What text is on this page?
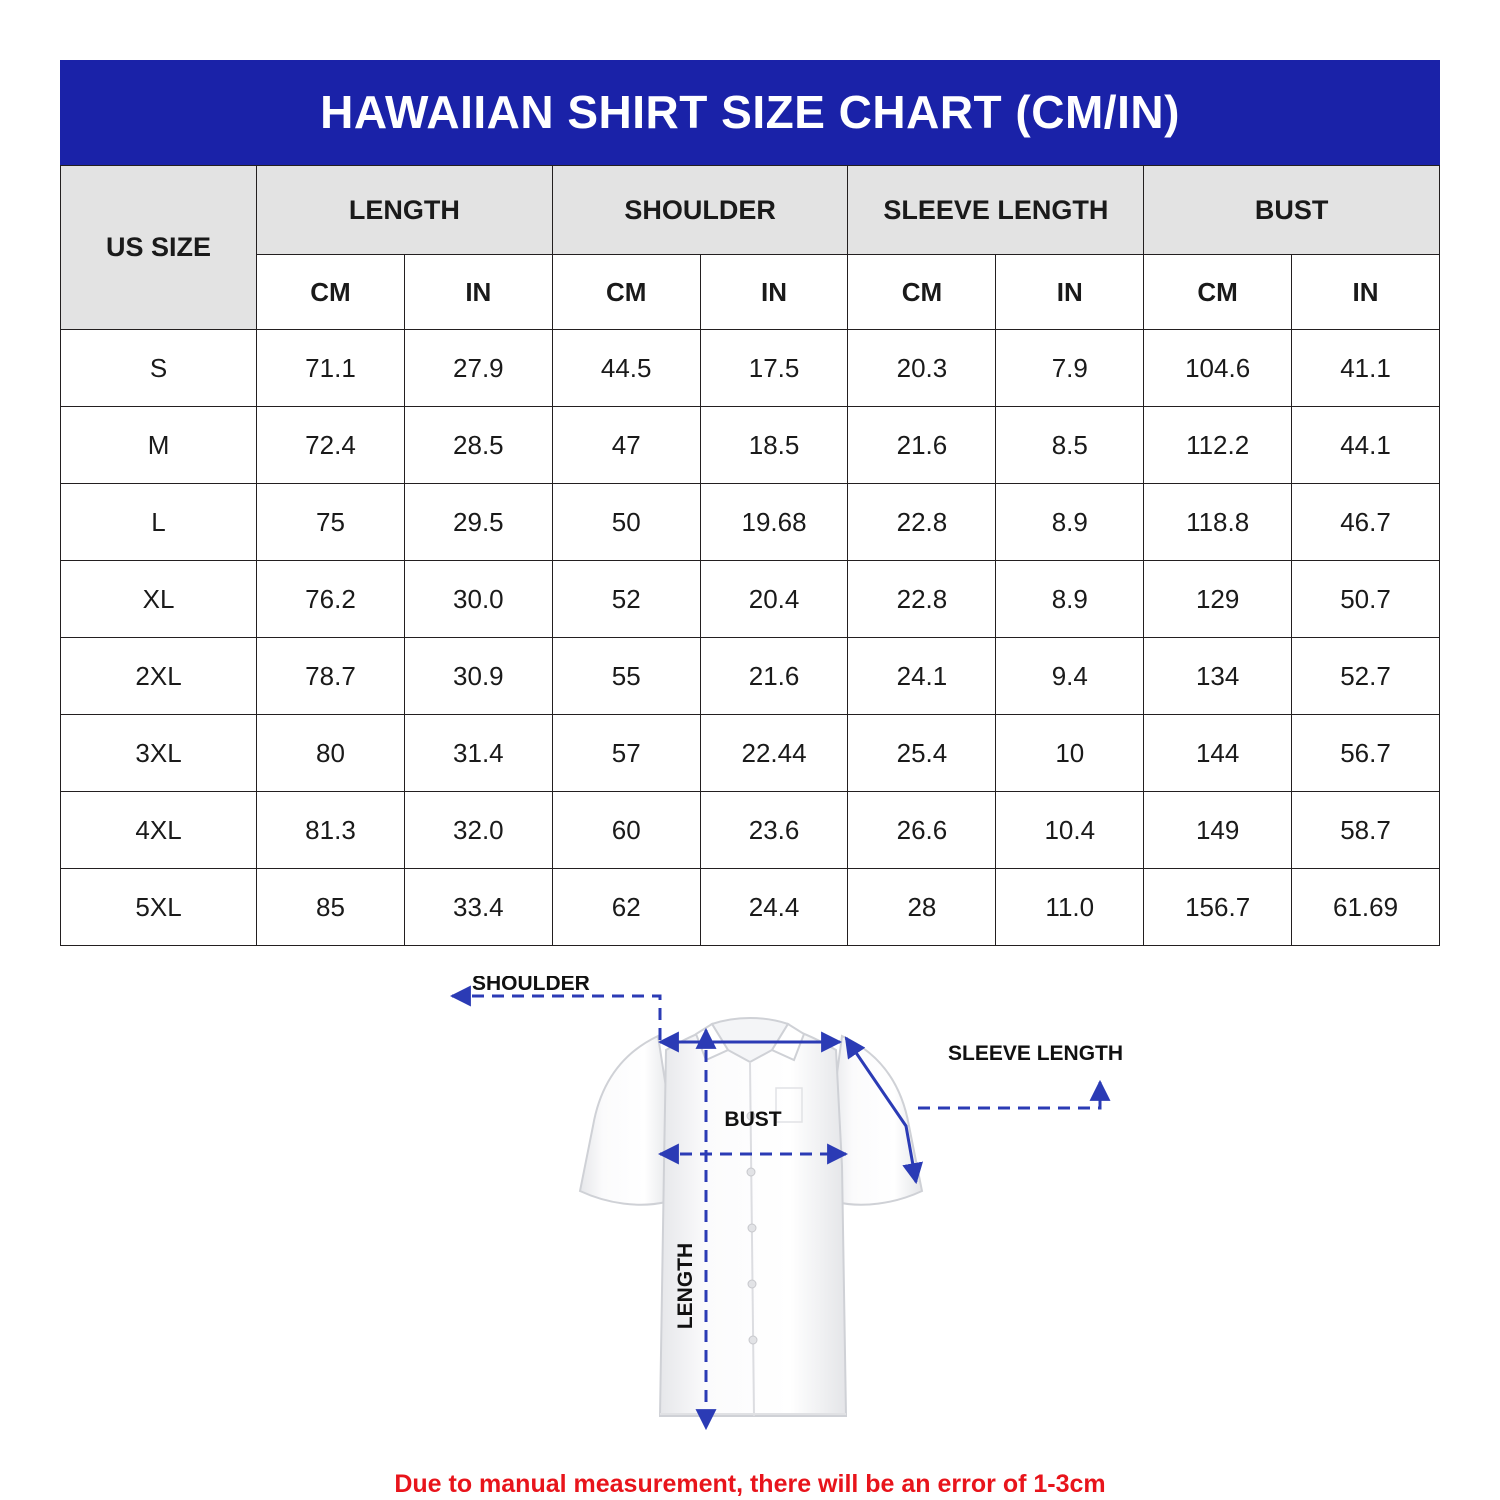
HAWAIIAN SHIRT SIZE CHART (CM/IN)
US SIZE	LENGTH		SHOULDER		SLEEVE LENGTH		BUST	
	CM	IN	CM	IN	CM	IN	CM	IN
S	71.1	27.9	44.5	17.5	20.3	7.9	104.6	41.1
M	72.4	28.5	47	18.5	21.6	8.5	112.2	44.1
L	75	29.5	50	19.68	22.8	8.9	118.8	46.7
XL	76.2	30.0	52	20.4	22.8	8.9	129	50.7
2XL	78.7	30.9	55	21.6	24.1	9.4	134	52.7
3XL	80	31.4	57	22.44	25.4	10	144	56.7
4XL	81.3	32.0	60	23.6	26.6	10.4	149	58.7
5XL	85	33.4	62	24.4	28	11.0	156.7	61.69
SHOULDER
SLEEVE LENGTH
BUST
LENGTH
Due to manual measurement, there will be an error of 1-3cm
